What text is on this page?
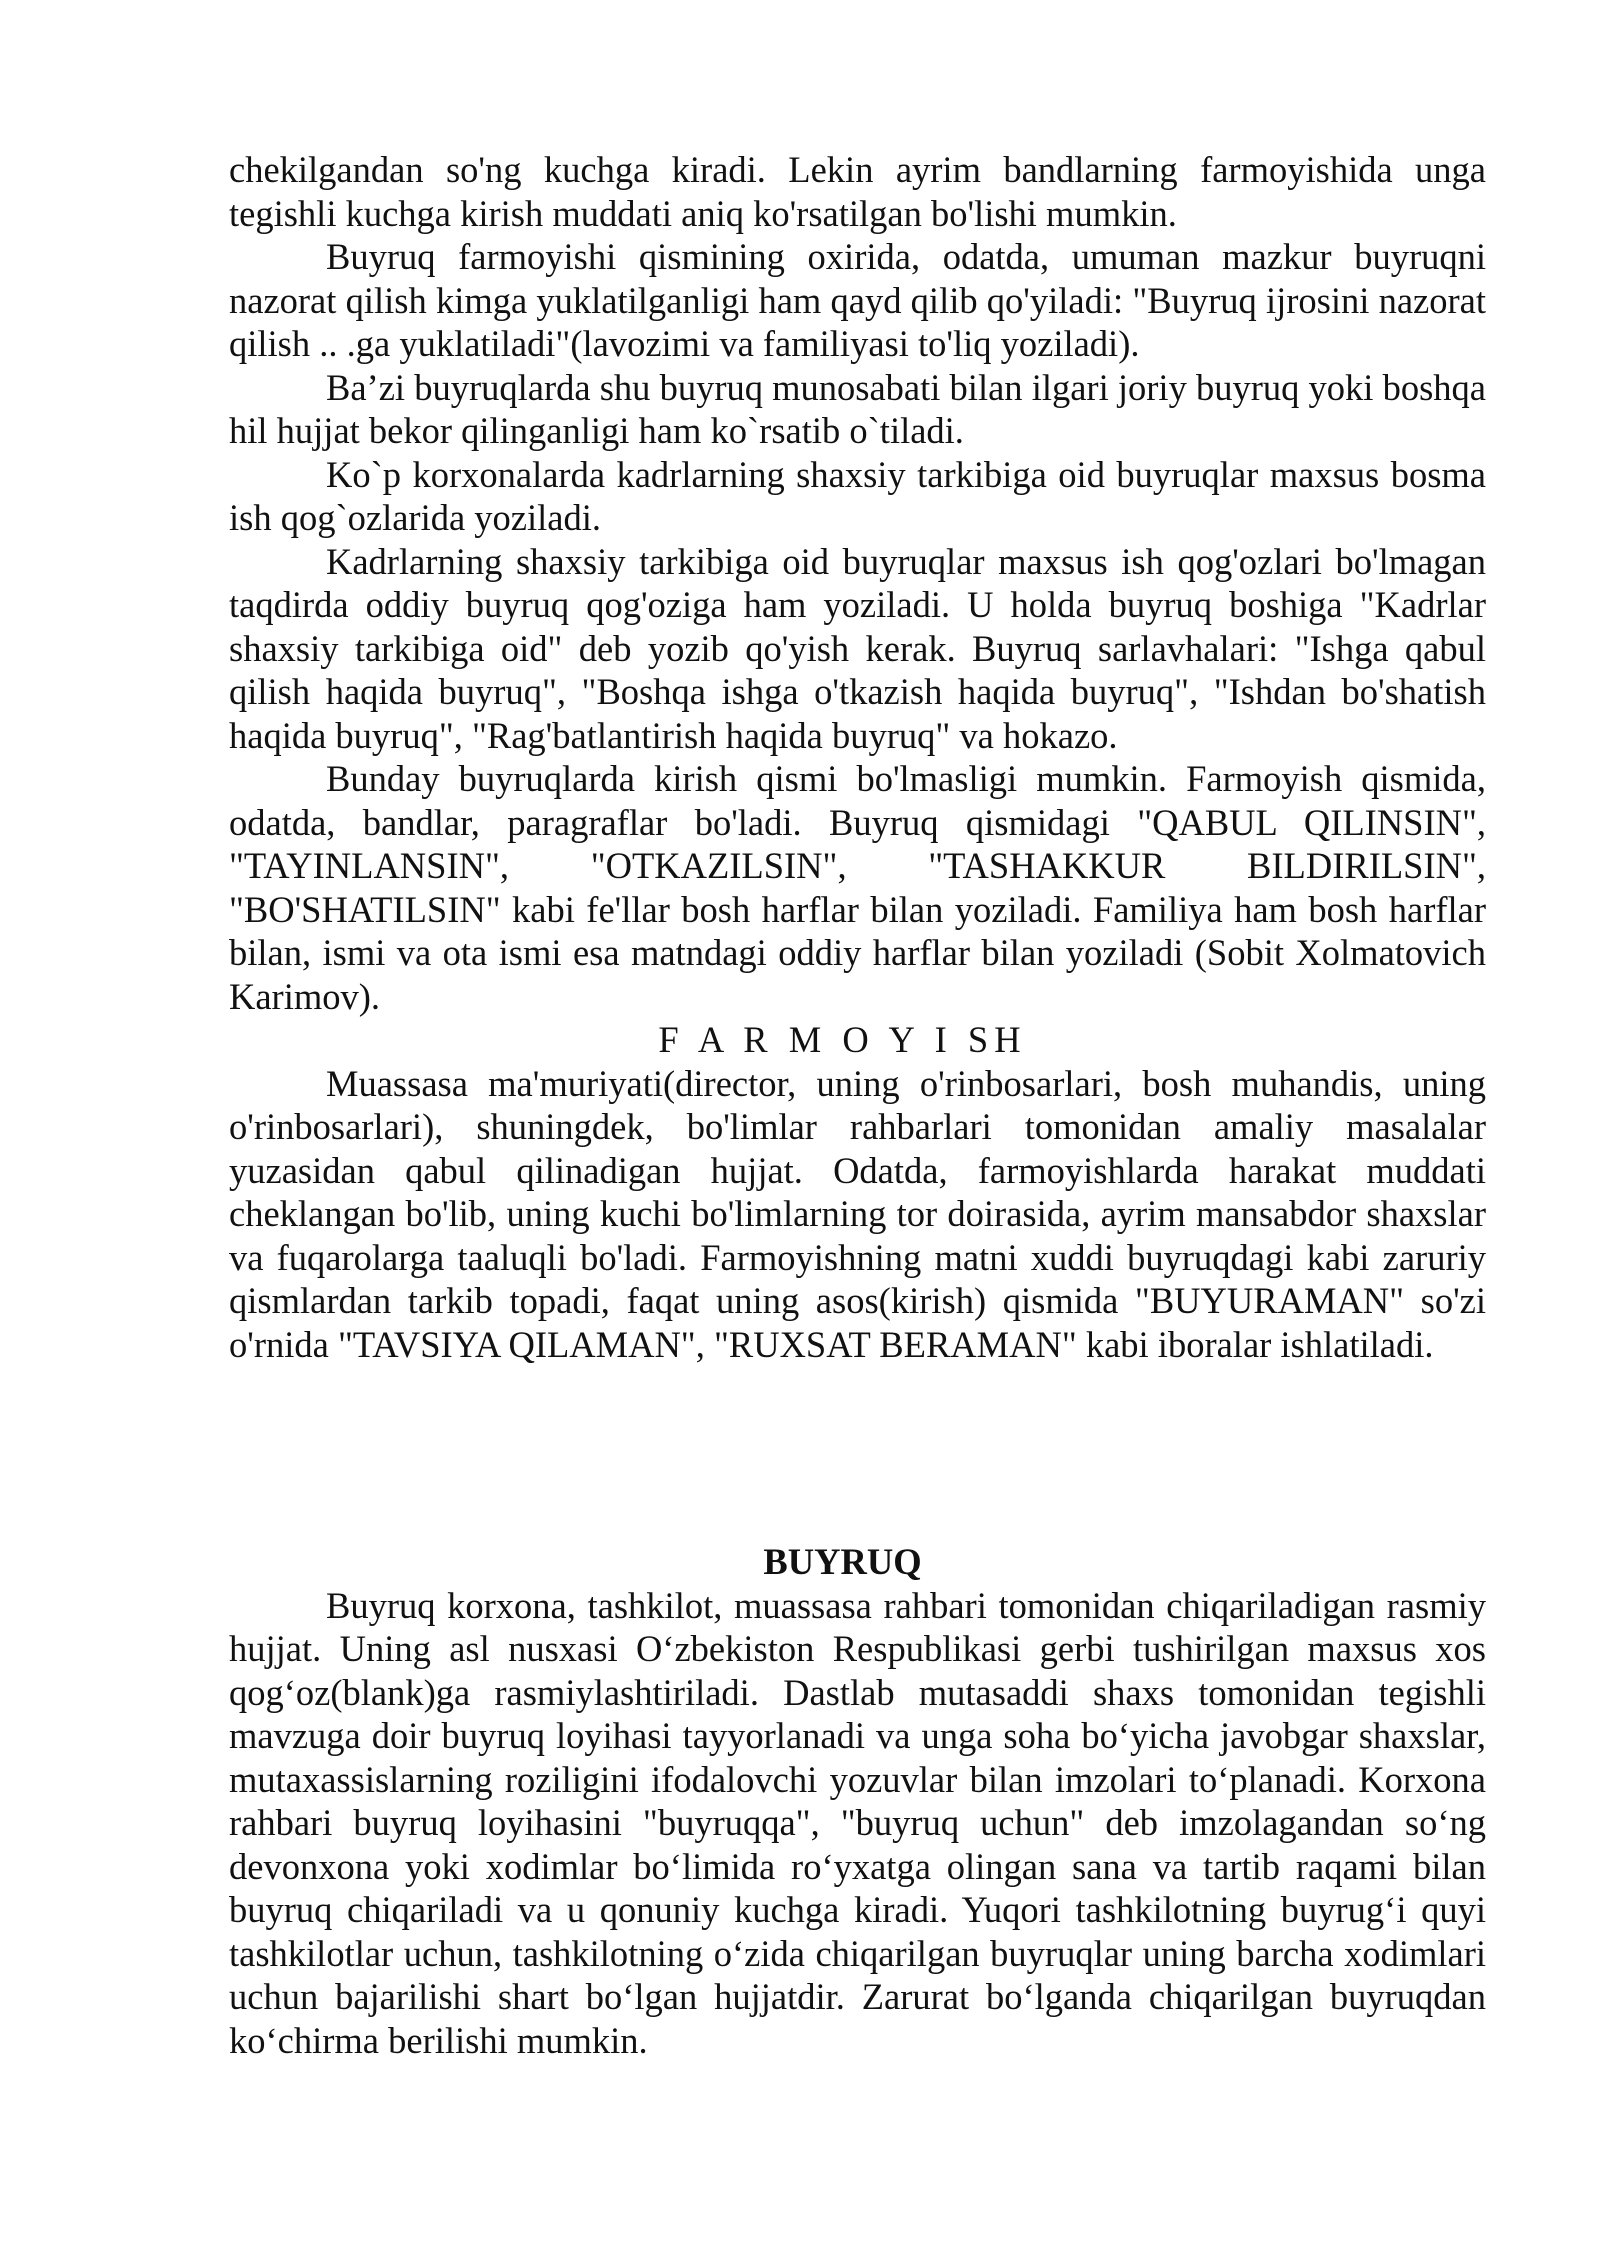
chekilgandan so'ng kuchga kiradi. Lekin ayrim bandlarning farmoyishida unga tegishli kuchga kirish muddati aniq ko'rsatilgan bo'lishi mumkin.

Buyruq farmoyishi qismining oxirida, odatda, umuman mazkur buyruqni nazorat qilish kimga yuklatilganligi ham qayd qilib qo'yiladi: "Buyruq ijrosini nazorat qilish .. .ga yuklatiladi"(lavozimi va familiyasi to'liq yoziladi).

Ba’zi buyruqlarda shu buyruq munosabati bilan ilgari joriy buyruq yoki boshqa hil hujjat bekor qilinganligi ham ko`rsatib o`tiladi.

Ko`p korxonalarda kadrlarning shaxsiy tarkibiga oid buyruqlar maxsus bosma ish qog`ozlarida yoziladi.

Kadrlarning shaxsiy tarkibiga oid buyruqlar maxsus ish qog'ozlari bo'lmagan taqdirda oddiy buyruq qog'oziga ham yoziladi. U holda buyruq boshiga "Kadrlar shaxsiy tarkibiga oid" deb yozib qo'yish kerak. Buyruq sarlavhalari: "Ishga qabul qilish haqida buyruq", "Boshqa ishga o'tkazish haqida buyruq", "Ishdan bo'shatish haqida buyruq", "Rag'batlantirish haqida buyruq" va hokazo.

Bunday buyruqlarda kirish qismi bo'lmasligi mumkin. Farmoyish qismida, odatda, bandlar, paragraflar bo'ladi. Buyruq qismidagi "QABUL QILINSIN", "TAYINLANSIN", "OTKAZILSIN", "TASHAKKUR BILDIRILSIN", "BO'SHATILSIN" kabi fe'llar bosh harflar bilan yoziladi. Familiya ham bosh harflar bilan, ismi va ota ismi esa matndagi oddiy harflar bilan yoziladi (Sobit Xolmatovich Karimov).

F A R M O Y I SH

Muassasa ma'muriyati(director, uning o'rinbosarlari, bosh muhandis, uning o'rinbosarlari), shuningdek, bo'limlar rahbarlari tomonidan amaliy masalalar yuzasidan qabul qilinadigan hujjat. Odatda, farmoyishlarda harakat muddati cheklangan bo'lib, uning kuchi bo'limlarning tor doirasida, ayrim mansabdor shaxslar va fuqarolarga taaluqli bo'ladi. Farmoyishning matni xuddi buyruqdagi kabi zaruriy qismlardan tarkib topadi, faqat uning asos(kirish) qismida "BUYURAMAN" so'zi o'rnida "TAVSIYA QILAMAN", "RUXSAT BERAMAN" kabi iboralar ishlatiladi.

BUYRUQ

Buyruq korxona, tashkilot, muassasa rahbari tomonidan chiqariladigan rasmiy hujjat. Uning asl nusxasi O‘zbekiston Respublikasi gerbi tushirilgan maxsus xos qog‘oz(blank)ga rasmiylashtiriladi. Dastlab mutasaddi shaxs tomonidan tegishli mavzuga doir buyruq loyihasi tayyorlanadi va unga soha bo‘yicha javobgar shaxslar, mutaxassislarning roziligini ifodalovchi yozuvlar bilan imzolari to‘planadi. Korxona rahbari buyruq loyihasini "buyruqqa", "buyruq uchun" deb imzolagandan so‘ng devonxona yoki xodimlar bo‘limida ro‘yxatga olingan sana va tartib raqami bilan buyruq chiqariladi va u qonuniy kuchga kiradi. Yuqori tashkilotning buyrug‘i quyi tashkilotlar uchun, tashkilotning o‘zida chiqarilgan buyruqlar uning barcha xodimlari uchun bajarilishi shart bo‘lgan hujjatdir. Zarurat bo‘lganda chiqarilgan buyruqdan ko‘chirma berilishi mumkin.
